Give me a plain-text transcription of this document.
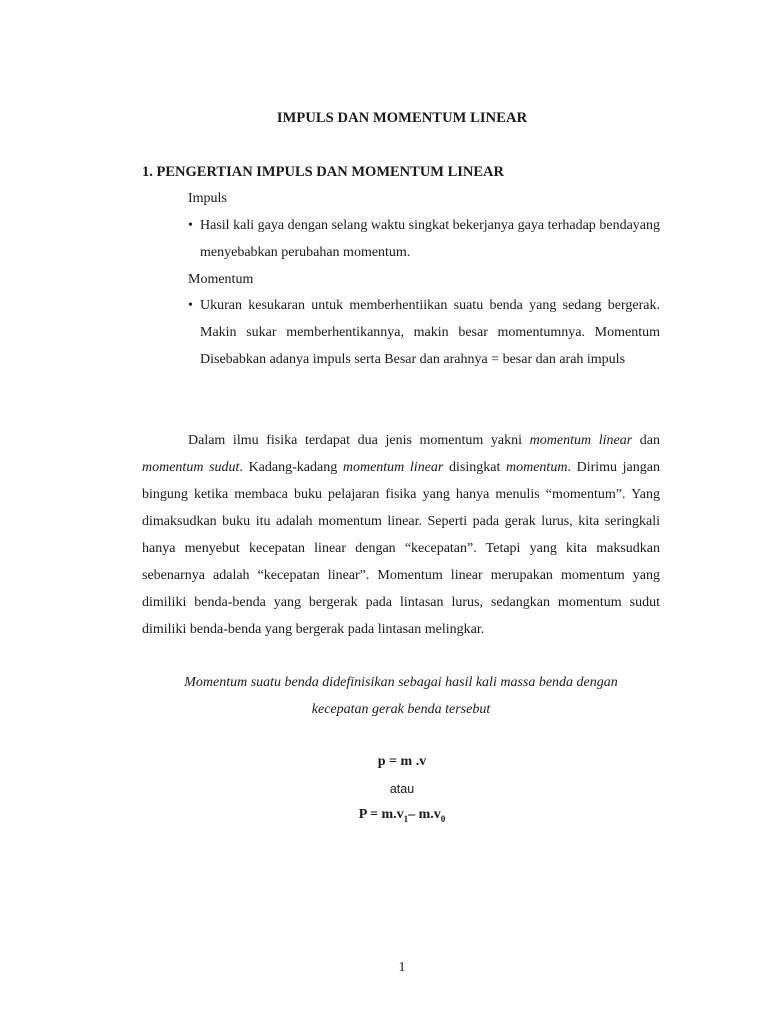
IMPULS DAN MOMENTUM LINEAR
1. PENGERTIAN IMPULS DAN MOMENTUM LINEAR
Impuls
• Hasil kali gaya dengan selang waktu singkat bekerjanya gaya terhadap bendayang menyebabkan perubahan momentum.
Momentum
• Ukuran kesukaran untuk memberhentiikan suatu benda yang sedang bergerak. Makin sukar memberhentikannya, makin besar momentumnya. Momentum Disebabkan adanya impuls serta Besar dan arahnya = besar dan arah impuls
Dalam ilmu fisika terdapat dua jenis momentum yakni momentum linear dan momentum sudut. Kadang-kadang momentum linear disingkat momentum. Dirimu jangan bingung ketika membaca buku pelajaran fisika yang hanya menulis “momentum”. Yang dimaksudkan buku itu adalah momentum linear. Seperti pada gerak lurus, kita seringkali hanya menyebut kecepatan linear dengan “kecepatan”. Tetapi yang kita maksudkan sebenarnya adalah “kecepatan linear”. Momentum linear merupakan momentum yang dimiliki benda-benda yang bergerak pada lintasan lurus, sedangkan momentum sudut dimiliki benda-benda yang bergerak pada lintasan melingkar.
Momentum suatu benda didefinisikan sebagai hasil kali massa benda dengan
kecepatan gerak benda tersebut
p = m .v
atau
$P = m.v_1-$ $m.v_0$
1
